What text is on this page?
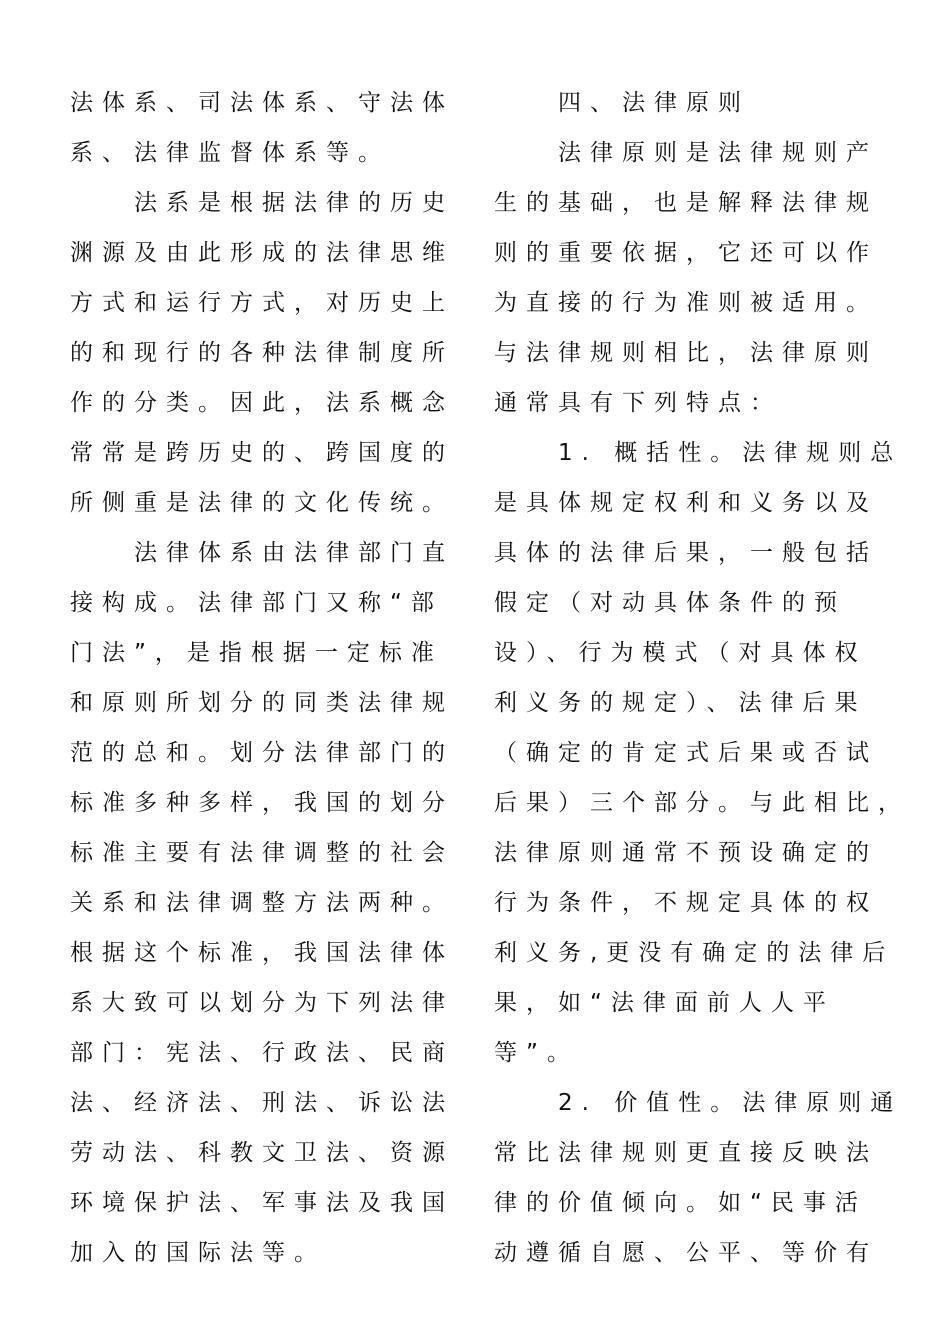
法体系、司法体系、守法体
系、法律监督体系等。
　　法系是根据法律的历史
渊源及由此形成的法律思维
方式和运行方式，对历史上
的和现行的各种法律制度所
作的分类。因此，法系概念
常常是跨历史的、跨国度的
所侧重是法律的文化传统。
　　法律体系由法律部门直
接构成。法律部门又称“部
门法”，是指根据一定标准
和原则所划分的同类法律规
范的总和。划分法律部门的
标准多种多样，我国的划分
标准主要有法律调整的社会
关系和法律调整方法两种。
根据这个标准，我国法律体
系大致可以划分为下列法律
部门：宪法、行政法、民商
法、经济法、刑法、诉讼法
劳动法、科教文卫法、资源
环境保护法、军事法及我国
加入的国际法等。
　　四、法律原则
　　法律原则是法律规则产
生的基础，也是解释法律规
则的重要依据，它还可以作
为直接的行为准则被适用。
与法律规则相比，法律原则
通常具有下列特点：
　　1. 概括性。法律规则总
是具体规定权利和义务以及
具体的法律后果，一般包括
假定（对动具体条件的预
设）、行为模式（对具体权
利义务的规定）、法律后果
（确定的肯定式后果或否试
后果）三个部分。与此相比，
法律原则通常不预设确定的
行为条件，不规定具体的权
利义务,更没有确定的法律后
果，如“法律面前人人平
等”。
　　2. 价值性。法律原则通
常比法律规则更直接反映法
律的价值倾向。如“民事活
动遵循自愿、公平、等价有
